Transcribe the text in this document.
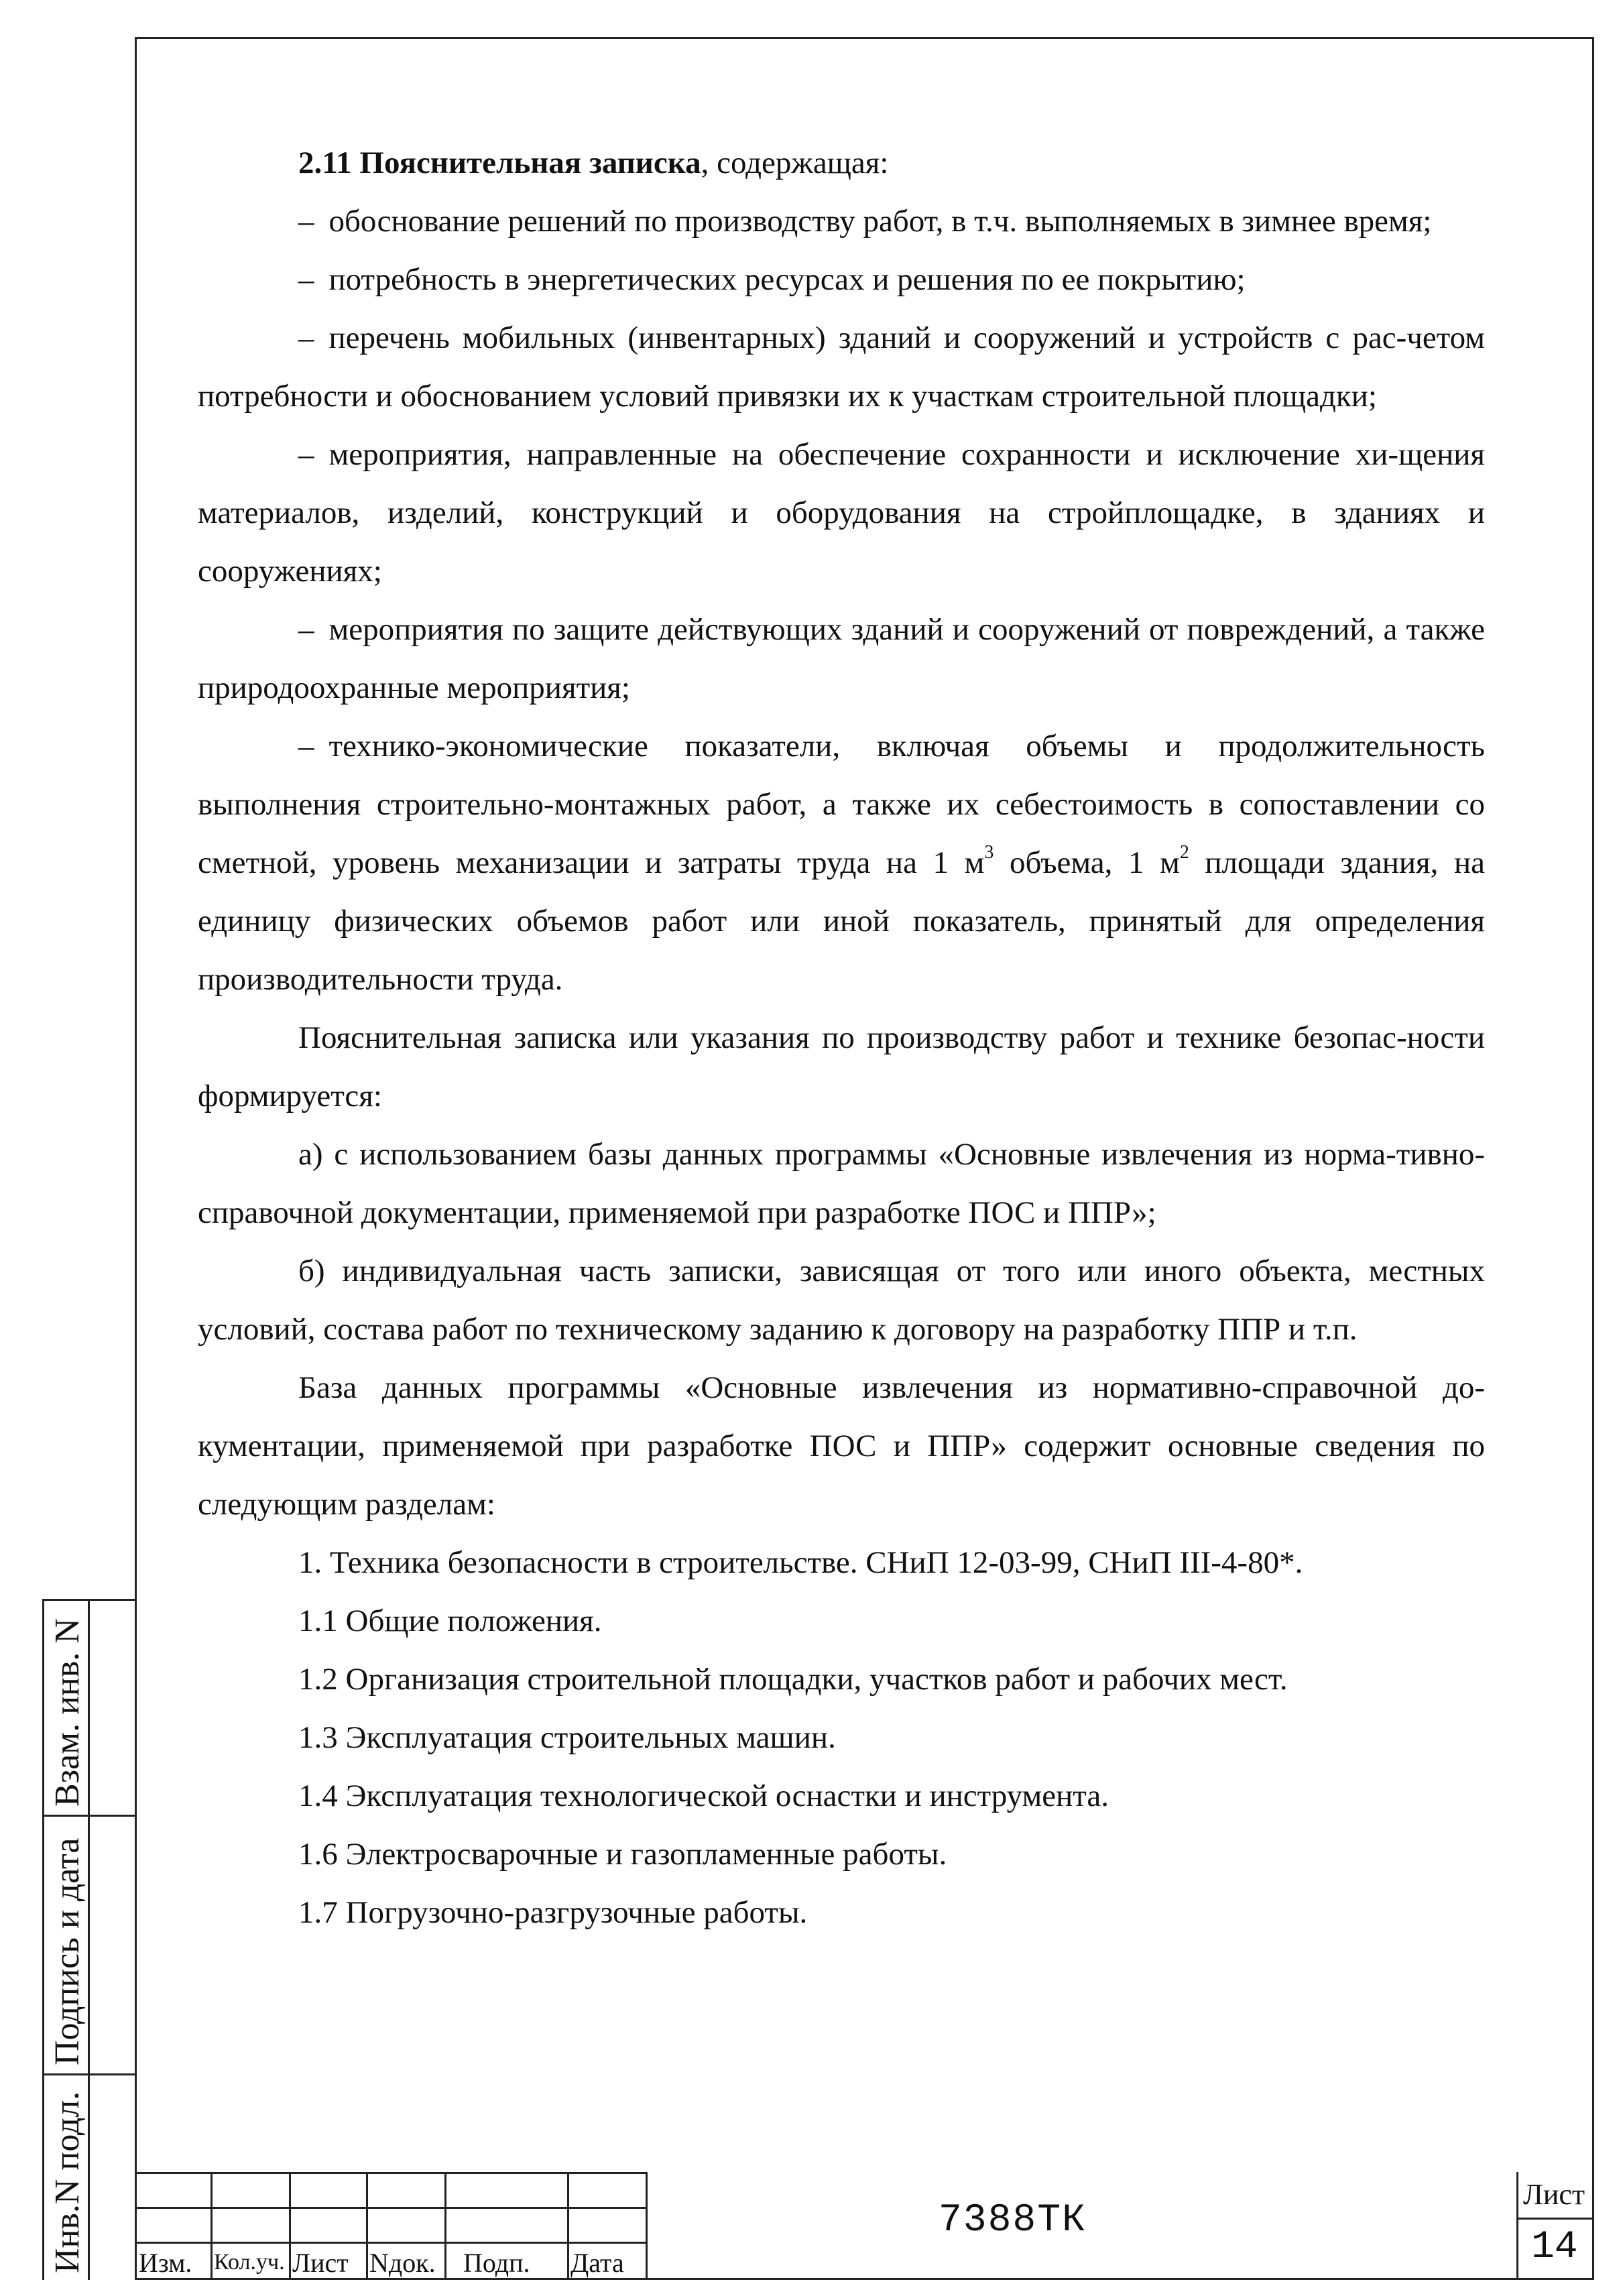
2.11 Пояснительная записка, содержащая:

– обоснование решений по производству работ, в т.ч. выполняемых в зимнее время;

– потребность в энергетических ресурсах и решения по ее покрытию;

– перечень мобильных (инвентарных) зданий и сооружений и устройств с рас-четом потребности и обоснованием условий привязки их к участкам строительной площадки;

– мероприятия, направленные на обеспечение сохранности и исключение хи-щения материалов, изделий, конструкций и оборудования на стройплощадке, в зданиях и сооружениях;

– мероприятия по защите действующих зданий и сооружений от повреждений, а также природоохранные мероприятия;

– технико-экономические показатели, включая объемы и продолжительность выполнения строительно-монтажных работ, а также их себестоимость в сопоставлении со сметной, уровень механизации и затраты труда на 1 $м^3$ объема, 1 $м^2$ площади здания, на единицу физических объемов работ или иной показатель, принятый для определения производительности труда.

Пояснительная записка или указания по производству работ и технике безопас-ности формируется:

а) с использованием базы данных программы «Основные извлечения из норма-тивно-справочной документации, применяемой при разработке ПОС и ППР»;

б) индивидуальная часть записки, зависящая от того или иного объекта, местных условий, состава работ по техническому заданию к договору на разработку ППР и т.п.

База данных программы «Основные извлечения из нормативно-справочной до-кументации, применяемой при разработке ПОС и ППР» содержит основные сведения по следующим разделам:

1. Техника безопасности в строительстве. СНиП 12-03-99, СНиП III-4-80*.

1.1 Общие положения.

1.2 Организация строительной площадки, участков работ и рабочих мест.

1.3 Эксплуатация строительных машин.

1.4 Эксплуатация технологической оснастки и инструмента.

1.6 Электросварочные и газопламенные работы.

1.7 Погрузочно-разгрузочные работы.

Взам. инв. N
Подпись и дата
Инв.N подл. Изм. Кол.уч. Лист Nдок. Подп. Дата
7388ТК
Лист
14
